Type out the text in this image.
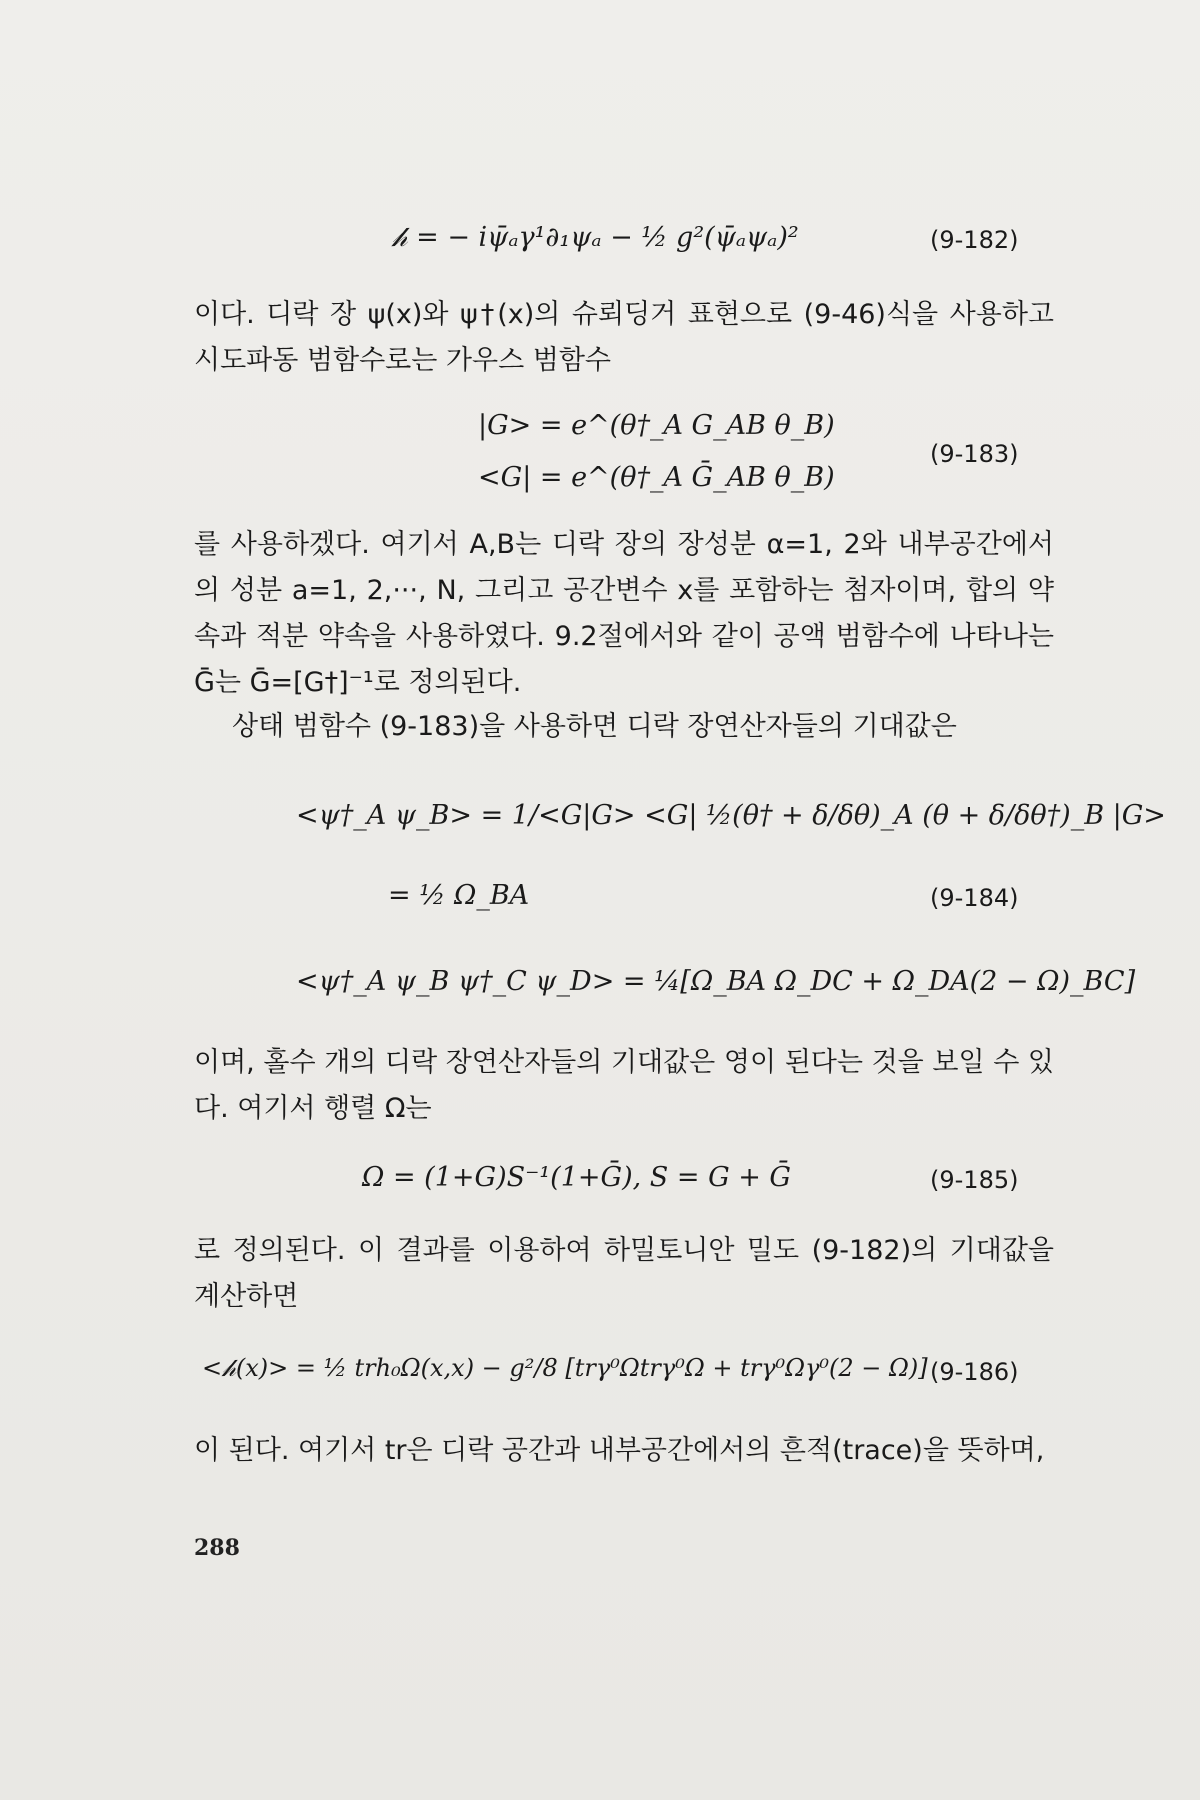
𝒽 = − iψ̄ₐγ¹∂₁ψₐ − ½ g²(ψ̄ₐψₐ)²	(9-182)

이다. 디락 장 ψ(x)와 ψ†(x)의 슈뢰딩거 표현으로 (9-46)식을 사용하고 시도파동 범함수로는 가우스 범함수

|G> = e^(θ†_A G_AB θ_B)
<G| = e^(θ†_A Ḡ_AB θ_B)
(9-183)

를 사용하겠다. 여기서 A,B는 디락 장의 장성분 α=1, 2와 내부공간에서의 성분 a=1, 2,···, N, 그리고 공간변수 x를 포함하는 첨자이며, 합의 약속과 적분 약속을 사용하였다. 9.2절에서와 같이 공액 범함수에 나타나는 Ḡ는 Ḡ=[G†]⁻¹로 정의된다.

상태 범함수 (9-183)을 사용하면 디락 장연산자들의 기대값은

<ψ†_A ψ_B> = 1/<G|G> <G| ½(θ† + δ/δθ)_A (θ + δ/δθ†)_B |G>
= ½ Ω_BA	(9-184)
<ψ†_A ψ_B ψ†_C ψ_D> = ¼[Ω_BA Ω_DC + Ω_DA(2 − Ω)_BC]

이며, 홀수 개의 디락 장연산자들의 기대값은 영이 된다는 것을 보일 수 있다. 여기서 행렬 Ω는

Ω = (1+G)S⁻¹(1+Ḡ), S = G + Ḡ	(9-185)

로 정의된다. 이 결과를 이용하여 하밀토니안 밀도 (9-182)의 기대값을 계산하면

<𝒽(x)> = ½ trh₀Ω(x,x) − g²/8 [trγ⁰Ωtrγ⁰Ω + trγ⁰Ωγ⁰(2 − Ω)] (9-186)

이 된다. 여기서 tr은 디락 공간과 내부공간에서의 흔적(trace)을 뜻하며,

288
